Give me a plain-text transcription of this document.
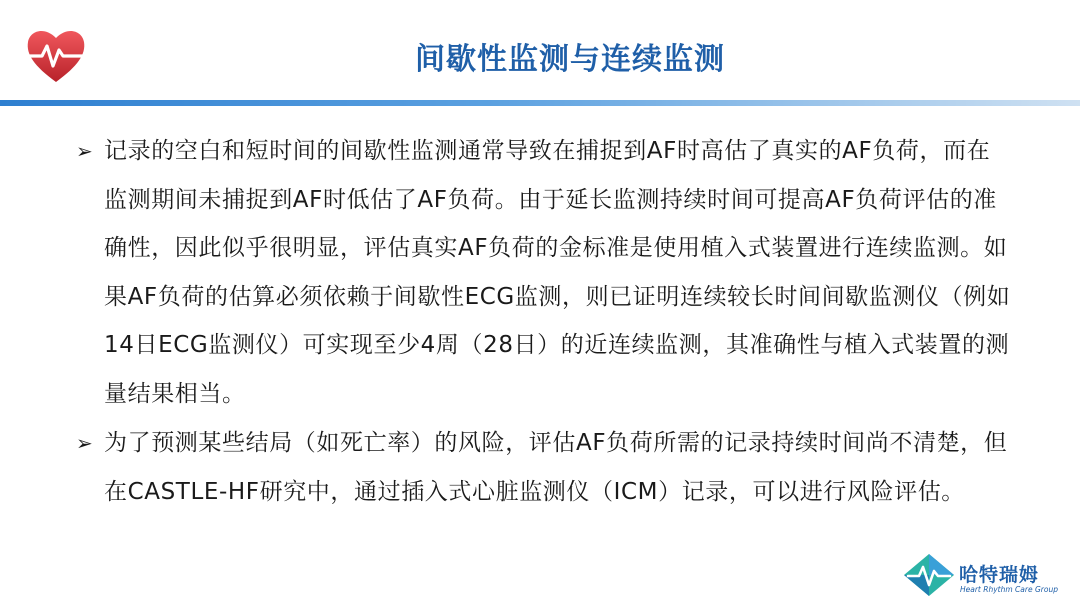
间歇性监测与连续监测
➢ 记录的空白和短时间的间歇性监测通常导致在捕捉到AF时高估了真实的AF负荷，而在监测期间未捕捉到AF时低估了AF负荷。由于延长监测持续时间可提高AF负荷评估的准确性，因此似乎很明显，评估真实AF负荷的金标准是使用植入式装置进行连续监测。如果AF负荷的估算必须依赖于间歇性ECG监测，则已证明连续较长时间间歇监测仪（例如14日ECG监测仪）可实现至少4周（28日）的近连续监测，其准确性与植入式装置的测量结果相当。
➢ 为了预测某些结局（如死亡率）的风险，评估AF负荷所需的记录持续时间尚不清楚，但在CASTLE-HF研究中，通过插入式心脏监测仪（ICM）记录，可以进行风险评估。
哈特瑞姆
Heart Rhythm Care Group
